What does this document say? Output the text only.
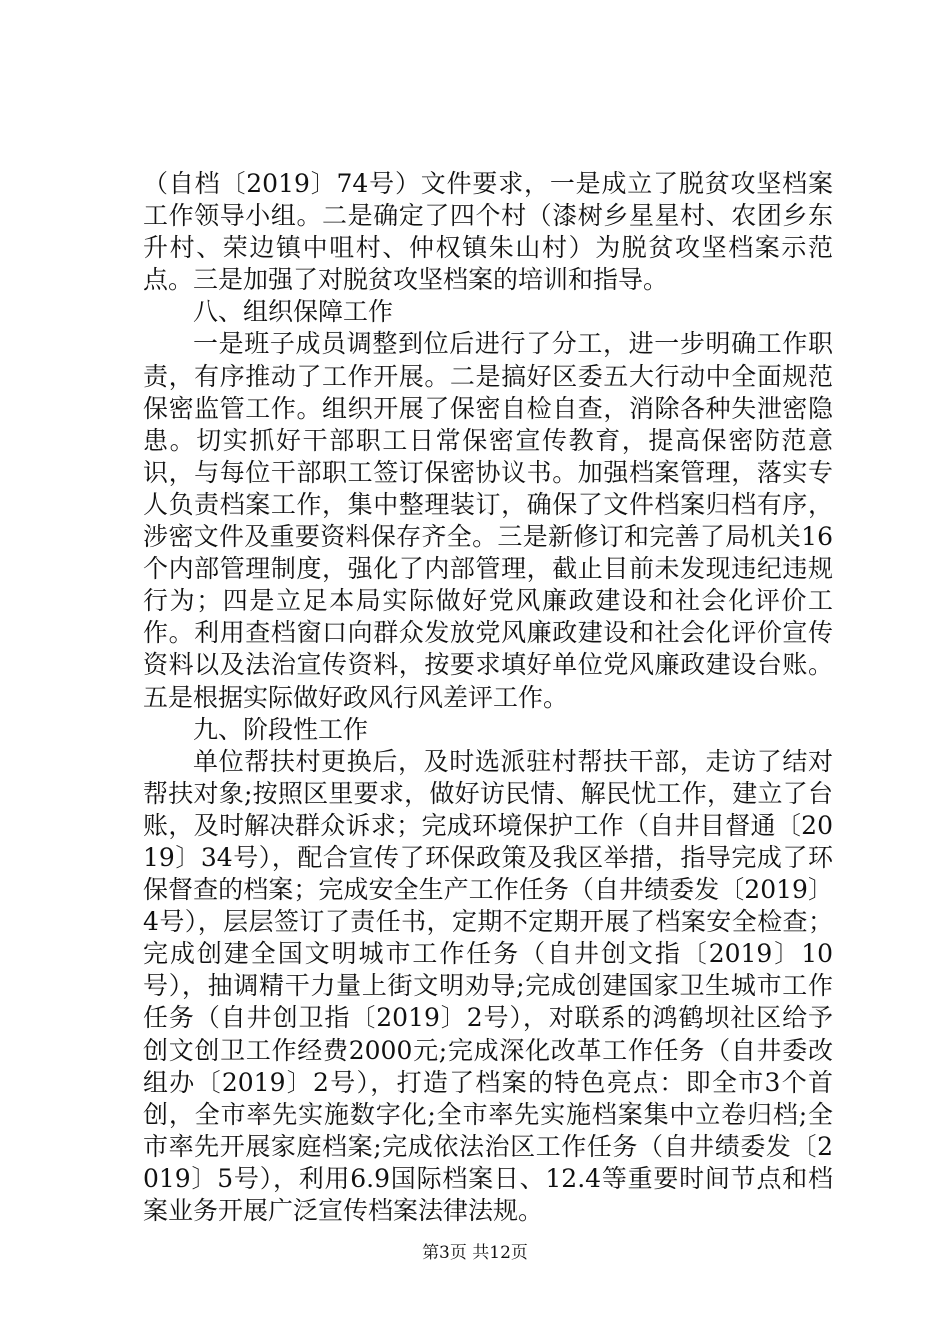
（自档〔2019〕74号）文件要求，一是成立了脱贫攻坚档案工作领导小组。二是确定了四个村（漆树乡星星村、农团乡东升村、荣边镇中咀村、仲权镇朱山村）为脱贫攻坚档案示范点。三是加强了对脱贫攻坚档案的培训和指导。

八、组织保障工作

一是班子成员调整到位后进行了分工，进一步明确工作职责，有序推动了工作开展。二是搞好区委五大行动中全面规范保密监管工作。组织开展了保密自检自查，消除各种失泄密隐患。切实抓好干部职工日常保密宣传教育，提高保密防范意识，与每位干部职工签订保密协议书。加强档案管理，落实专人负责档案工作，集中整理装订，确保了文件档案归档有序，涉密文件及重要资料保存齐全。三是新修订和完善了局机关16个内部管理制度，强化了内部管理，截止目前未发现违纪违规行为；四是立足本局实际做好党风廉政建设和社会化评价工作。利用查档窗口向群众发放党风廉政建设和社会化评价宣传资料以及法治宣传资料，按要求填好单位党风廉政建设台账。五是根据实际做好政风行风差评工作。

九、阶段性工作

单位帮扶村更换后，及时选派驻村帮扶干部，走访了结对帮扶对象;按照区里要求，做好访民情、解民忧工作，建立了台账，及时解决群众诉求；完成环境保护工作（自井目督通〔2019〕34号），配合宣传了环保政策及我区举措，指导完成了环保督查的档案；完成安全生产工作任务（自井绩委发〔2019〕4号），层层签订了责任书，定期不定期开展了档案安全检查；完成创建全国文明城市工作任务（自井创文指〔2019〕10号），抽调精干力量上街文明劝导;完成创建国家卫生城市工作任务（自井创卫指〔2019〕2号），对联系的鸿鹤坝社区给予创文创卫工作经费2000元;完成深化改革工作任务（自井委改组办〔2019〕2号），打造了档案的特色亮点：即全市3个首创，全市率先实施数字化;全市率先实施档案集中立卷归档;全市率先开展家庭档案;完成依法治区工作任务（自井绩委发〔2019〕5号），利用6.9国际档案日、12.4等重要时间节点和档案业务开展广泛宣传档案法律法规。

第3页 共12页
